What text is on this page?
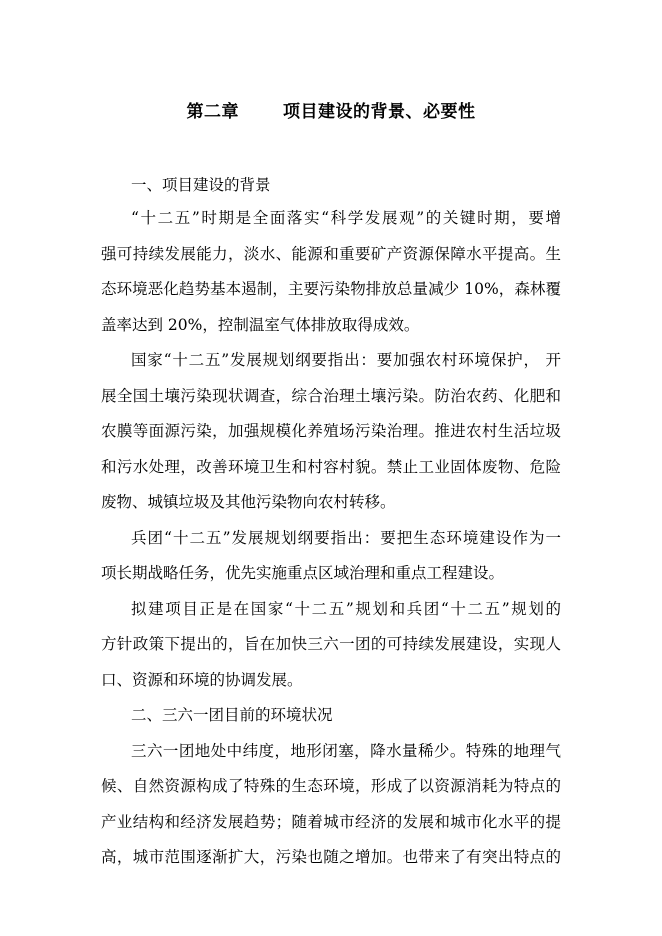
第二章	项目建设的背景、必要性
一、项目建设的背景
“十二五”时期是全面落实“科学发展观”的关键时期，要增
强可持续发展能力，淡水、能源和重要矿产资源保障水平提高。生
态环境恶化趋势基本遏制，主要污染物排放总量减少 10%，森林覆
盖率达到 20%，控制温室气体排放取得成效。
国家“十二五”发展规划纲要指出：要加强农村环境保护， 开
展全国土壤污染现状调查，综合治理土壤污染。防治农药、化肥和
农膜等面源污染，加强规模化养殖场污染治理。推进农村生活垃圾
和污水处理，改善环境卫生和村容村貌。禁止工业固体废物、危险
废物、城镇垃圾及其他污染物向农村转移。
兵团“十二五”发展规划纲要指出：要把生态环境建设作为一
项长期战略任务，优先实施重点区域治理和重点工程建设。
拟建项目正是在国家“十二五”规划和兵团“十二五”规划的
方针政策下提出的，旨在加快三六一团的可持续发展建设，实现人
口、资源和环境的协调发展。
二、三六一团目前的环境状况
三六一团地处中纬度，地形闭塞，降水量稀少。特殊的地理气
候、自然资源构成了特殊的生态环境，形成了以资源消耗为特点的
产业结构和经济发展趋势；随着城市经济的发展和城市化水平的提
高，城市范围逐渐扩大，污染也随之增加。也带来了有突出特点的
